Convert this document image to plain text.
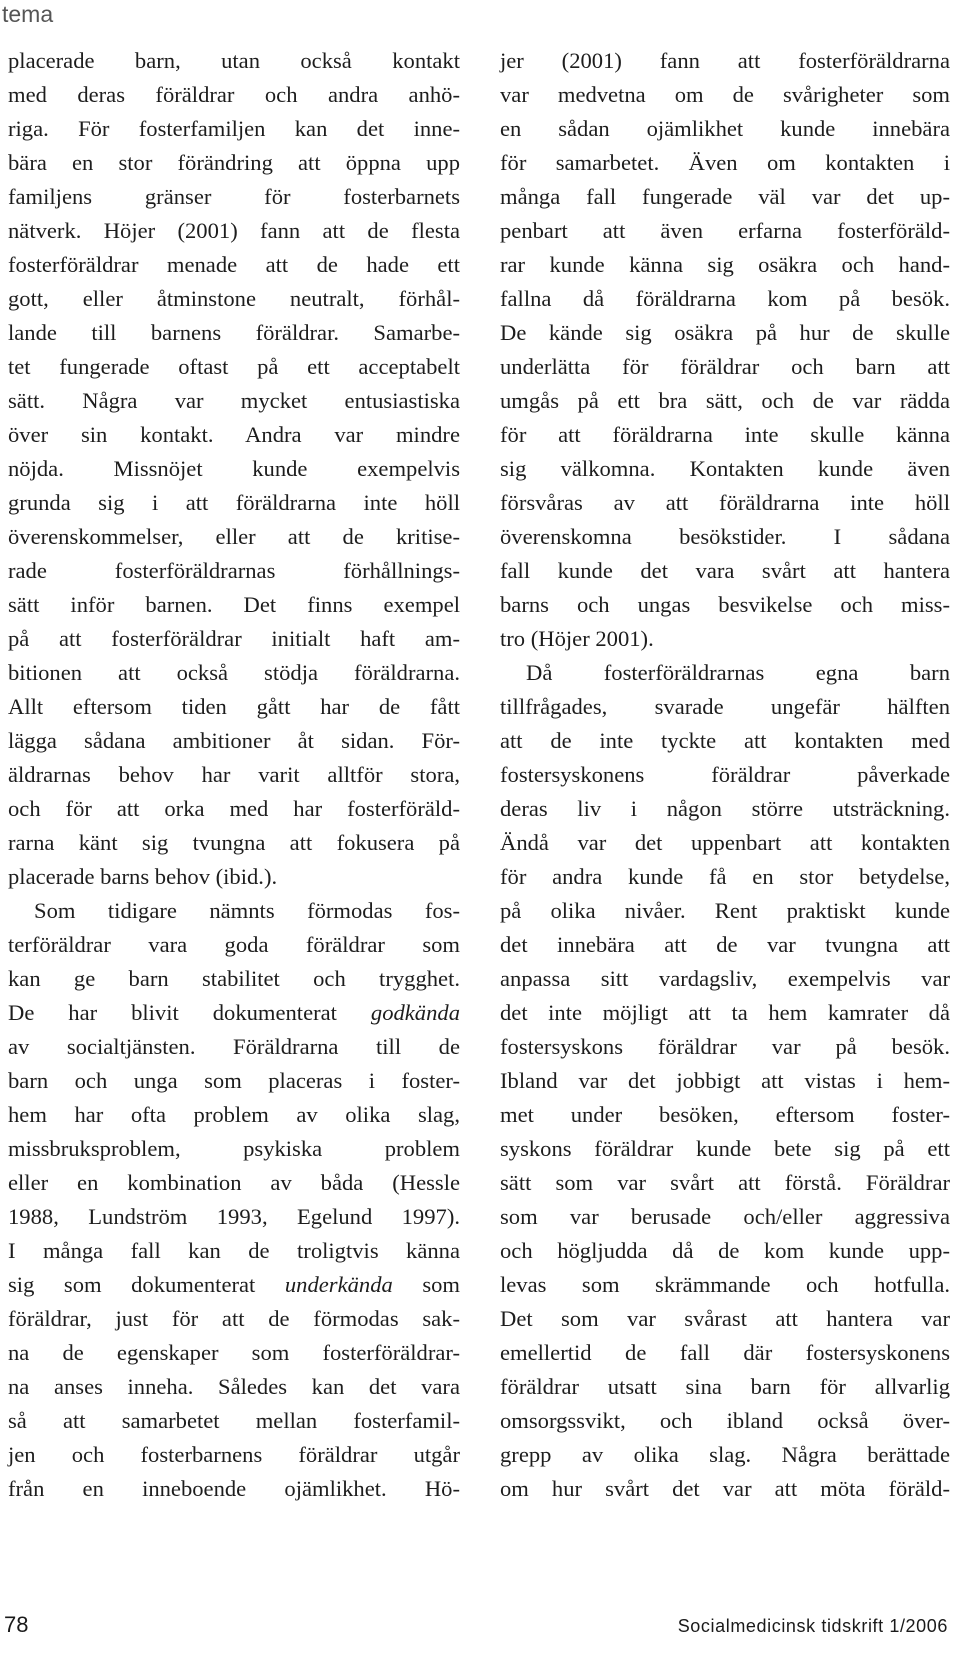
tema

placerade barn, utan också kontakt
med deras föräldrar och andra anhö-
riga. För fosterfamiljen kan det inne-
bära en stor förändring att öppna upp
familjens gränser för fosterbarnets
nätverk. Höjer (2001) fann att de flesta
fosterföräldrar menade att de hade ett
gott, eller åtminstone neutralt, förhål-
lande till barnens föräldrar. Samarbe-
tet fungerade oftast på ett acceptabelt
sätt. Några var mycket entusiastiska
över sin kontakt. Andra var mindre
nöjda. Missnöjet kunde exempelvis
grunda sig i att föräldrarna inte höll
överenskommelser, eller att de kritise-
rade fosterföräldrarnas förhållnings-
sätt inför barnen. Det finns exempel
på att fosterföräldrar initialt haft am-
bitionen att också stödja föräldrarna.
Allt eftersom tiden gått har de fått
lägga sådana ambitioner åt sidan. För-
äldrarnas behov har varit alltför stora,
och för att orka med har fosterföräld-
rarna känt sig tvungna att fokusera på
placerade barns behov (ibid.).

Som tidigare nämnts förmodas fos-
terföräldrar vara goda föräldrar som
kan ge barn stabilitet och trygghet.
De har blivit dokumenterat godkända
av socialtjänsten. Föräldrarna till de
barn och unga som placeras i foster-
hem har ofta problem av olika slag,
missbruksproblem, psykiska problem
eller en kombination av båda (Hessle
1988, Lundström 1993, Egelund 1997).
I många fall kan de troligtvis känna
sig som dokumenterat underkända som
föräldrar, just för att de förmodas sak-
na de egenskaper som fosterföräldrar-
na anses inneha. Således kan det vara
så att samarbetet mellan fosterfamil-
jen och fosterbarnens föräldrar utgår
från en inneboende ojämlikhet. Hö-

jer (2001) fann att fosterföräldrarna
var medvetna om de svårigheter som
en sådan ojämlikhet kunde innebära
för samarbetet. Även om kontakten i
många fall fungerade väl var det up-
penbart att även erfarna fosterföräld-
rar kunde känna sig osäkra och hand-
fallna då föräldrarna kom på besök.
De kände sig osäkra på hur de skulle
underlätta för föräldrar och barn att
umgås på ett bra sätt, och de var rädda
för att föräldrarna inte skulle känna
sig välkomna. Kontakten kunde även
försvåras av att föräldrarna inte höll
överenskomna besökstider. I sådana
fall kunde det vara svårt att hantera
barns och ungas besvikelse och miss-
tro (Höjer 2001).

Då fosterföräldrarnas egna barn
tillfrågades, svarade ungefär hälften
att de inte tyckte att kontakten med
fostersyskonens föräldrar påverkade
deras liv i någon större utsträckning.
Ändå var det uppenbart att kontakten
för andra kunde få en stor betydelse,
på olika nivåer. Rent praktiskt kunde
det innebära att de var tvungna att
anpassa sitt vardagsliv, exempelvis var
det inte möjligt att ta hem kamrater då
fostersyskons föräldrar var på besök.
Ibland var det jobbigt att vistas i hem-
met under besöken, eftersom foster-
syskons föräldrar kunde bete sig på ett
sätt som var svårt att förstå. Föräldrar
som var berusade och/eller aggressiva
och högljudda då de kom kunde upp-
levas som skrämmande och hotfulla.
Det som var svårast att hantera var
emellertid de fall där fostersyskonens
föräldrar utsatt sina barn för allvarlig
omsorgssvikt, och ibland också över-
grepp av olika slag. Några berättade
om hur svårt det var att möta föräld-

78	Socialmedicinsk tidskrift 1/2006
